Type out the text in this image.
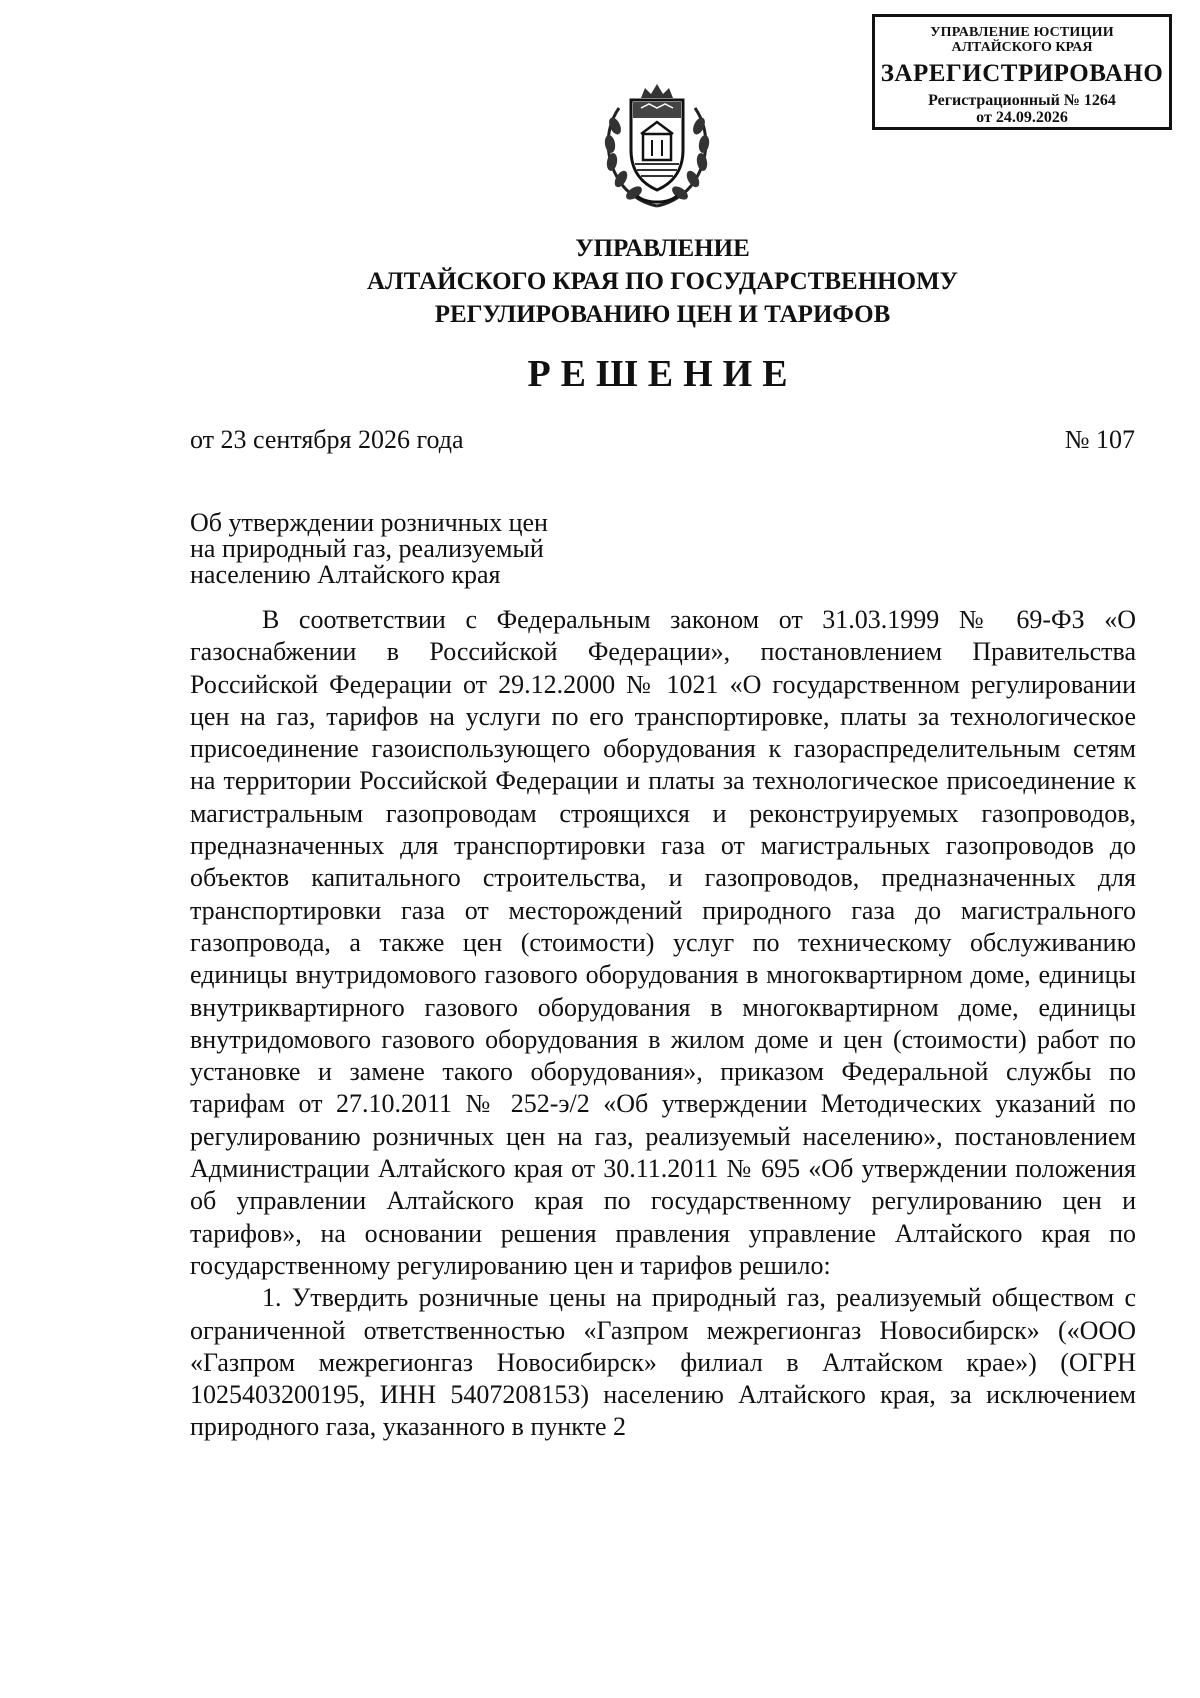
УПРАВЛЕНИЕ ЮСТИЦИИ
АЛТАЙСКОГО КРАЯ
ЗАРЕГИСТРИРОВАНО
Регистрационный № 1264
от 24.09.2026
УПРАВЛЕНИЕ
АЛТАЙСКОГО КРАЯ ПО ГОСУДАРСТВЕННОМУ
РЕГУЛИРОВАНИЮ ЦЕН И ТАРИФОВ
РЕШЕНИЕ
от 23 сентября 2026 года	№ 107
Об утверждении розничных цен
на природный газ, реализуемый
населению Алтайского края

В соответствии с Федеральным законом от 31.03.1999 № 69-ФЗ «О газоснабжении в Российской Федерации», постановлением Правительства Российской Федерации от 29.12.2000 № 1021 «О государственном регулировании цен на газ, тарифов на услуги по его транспортировке, платы за технологическое присоединение газоиспользующего оборудования к газораспределительным сетям на территории Российской Федерации и платы за технологическое присоединение к магистральным газопроводам строящихся и реконструируемых газопроводов, предназначенных для транспортировки газа от магистральных газопроводов до объектов капитального строительства, и газопроводов, предназначенных для транспортировки газа от месторождений природного газа до магистрального газопровода, а также цен (стоимости) услуг по техническому обслуживанию единицы внутридомового газового оборудования в многоквартирном доме, единицы внутриквартирного газового оборудования в многоквартирном доме, единицы внутридомового газового оборудования в жилом доме и цен (стоимости) работ по установке и замене такого оборудования», приказом Федеральной службы по тарифам от 27.10.2011 № 252-э/2 «Об утверждении Методических указаний по регулированию розничных цен на газ, реализуемый населению», постановлением Администрации Алтайского края от 30.11.2011 № 695 «Об утверждении положения об управлении Алтайского края по государственному регулированию цен и тарифов», на основании решения правления управление Алтайского края по государственному регулированию цен и тарифов решило:

1. Утвердить розничные цены на природный газ, реализуемый обществом с ограниченной ответственностью «Газпром межрегионгаз Новосибирск» («ООО «Газпром межрегионгаз Новосибирск» филиал в Алтайском крае») (ОГРН 1025403200195, ИНН 5407208153) населению Алтайского края, за исключением природного газа, указанного в пункте 2
